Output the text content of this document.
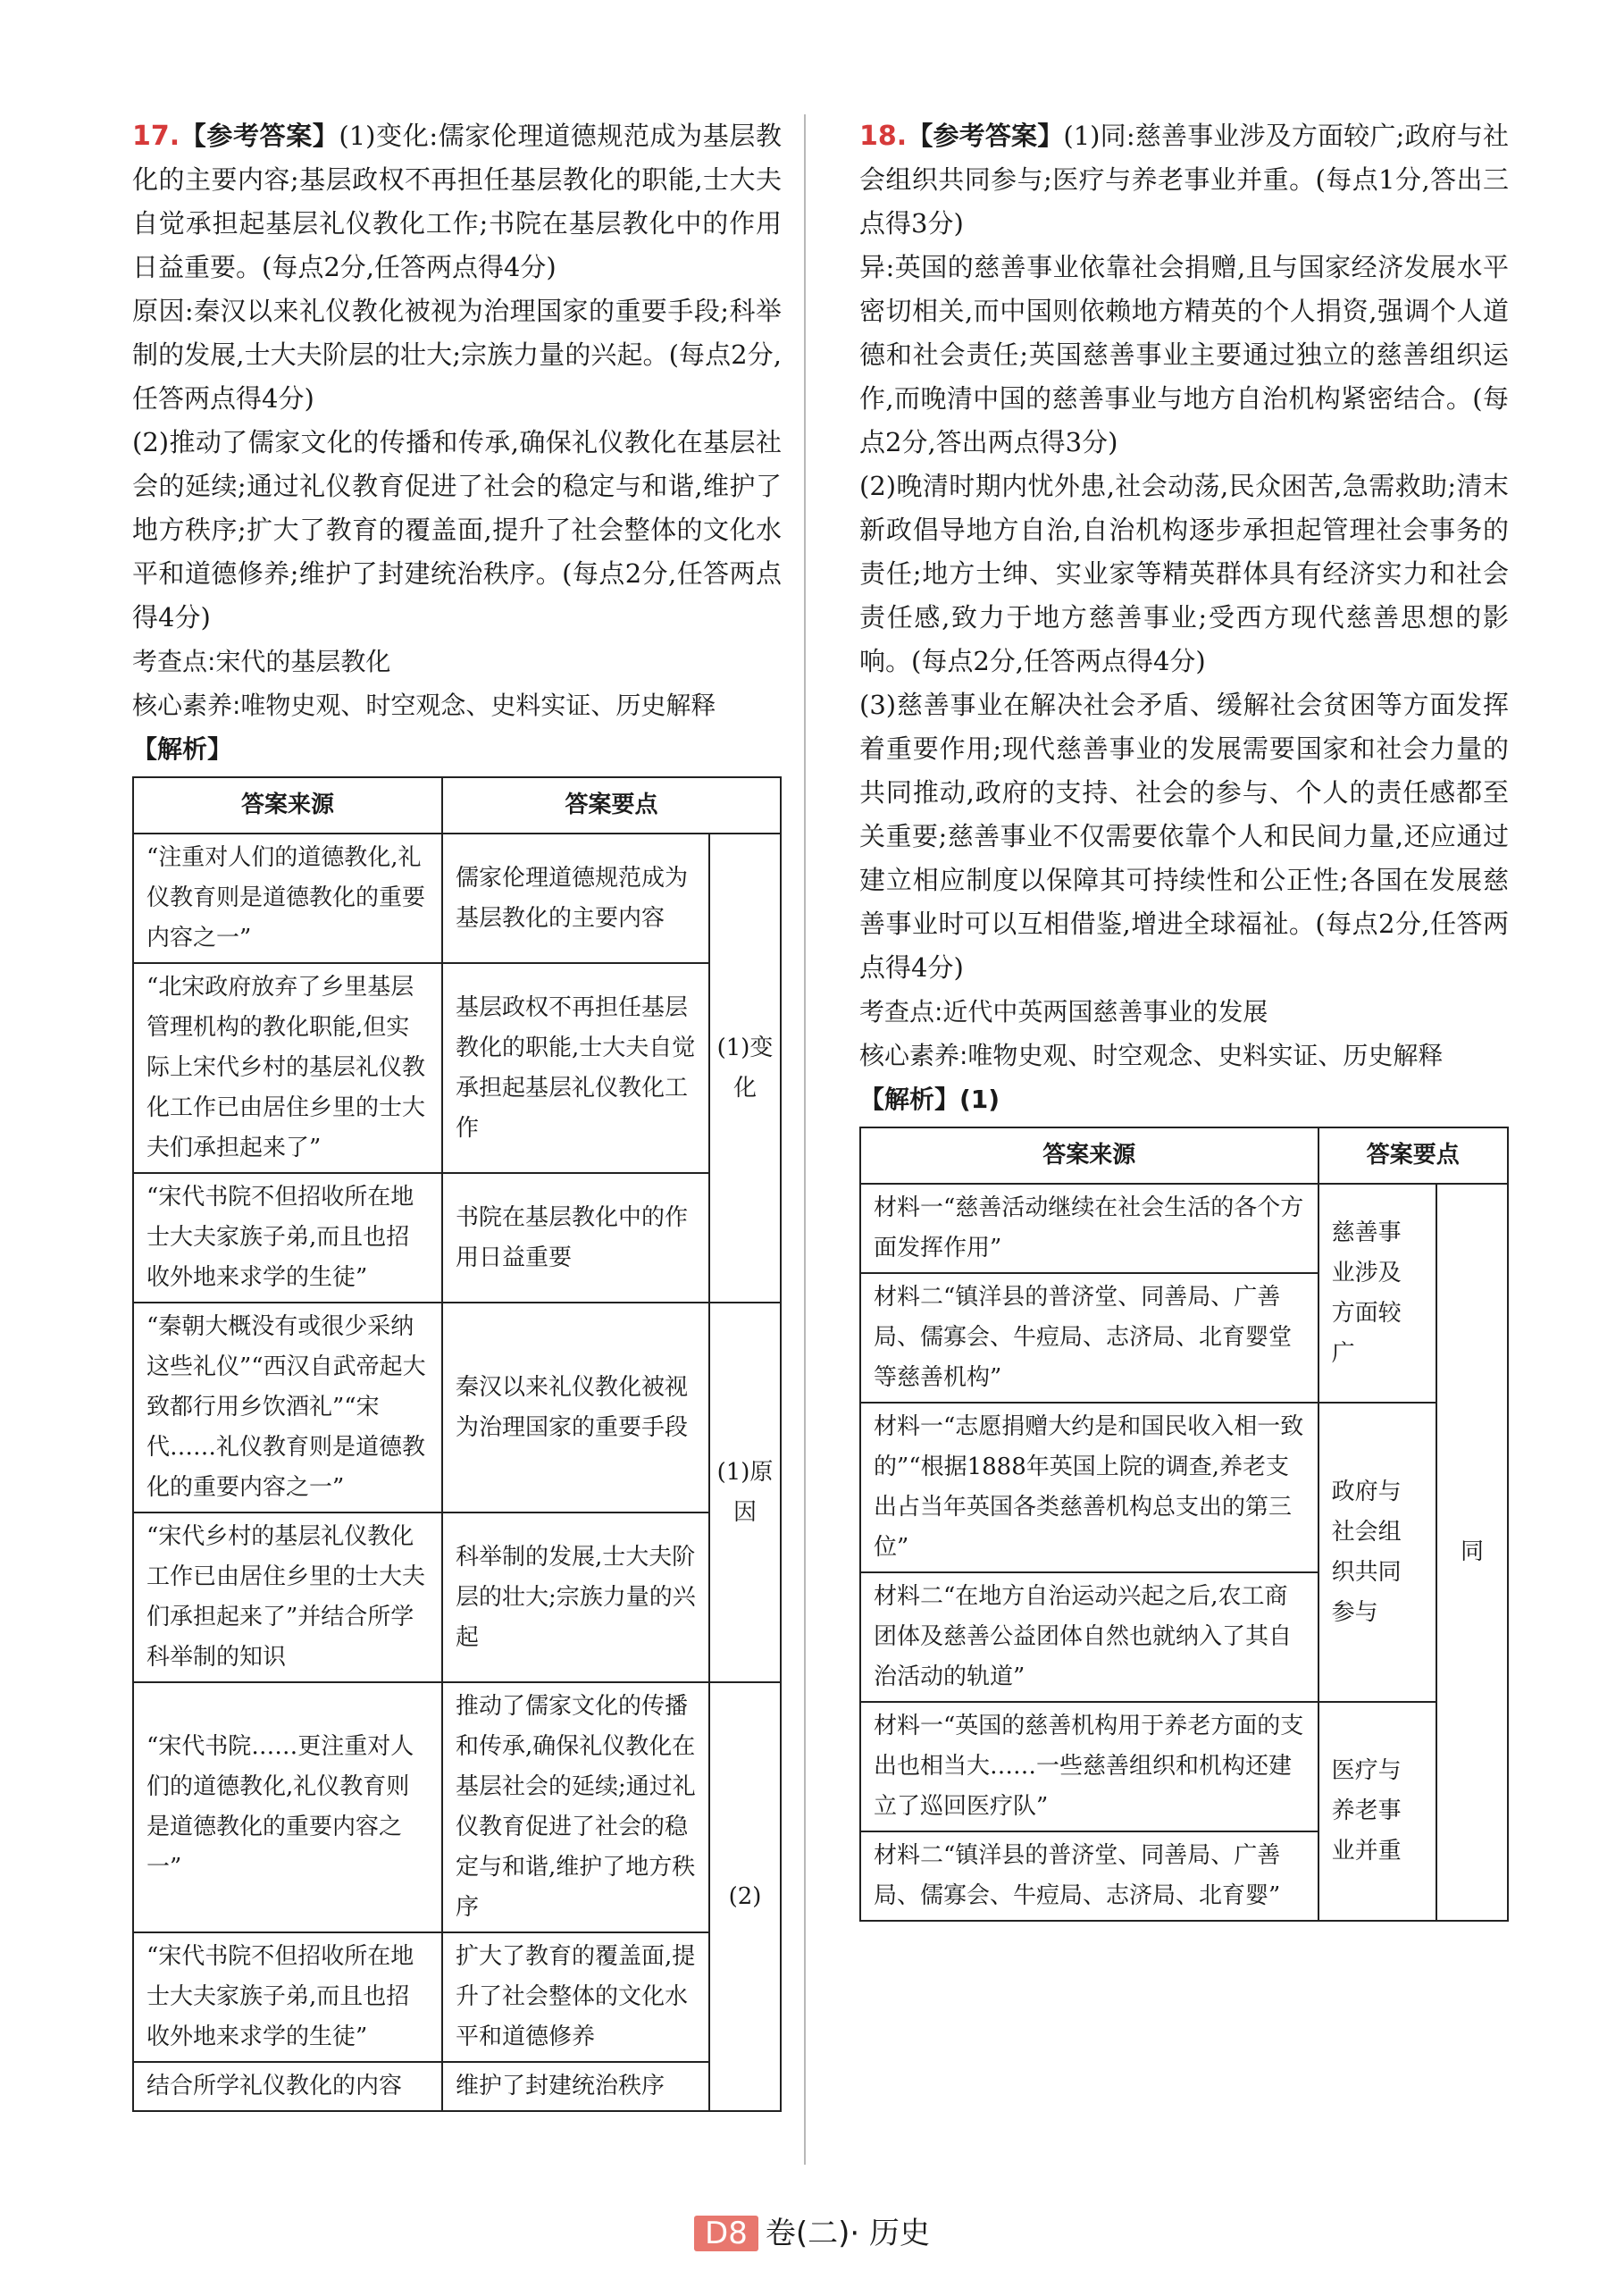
17.【参考答案】(1)变化:儒家伦理道德规范成为基层教化的主要内容;基层政权不再担任基层教化的职能,士大夫自觉承担起基层礼仪教化工作;书院在基层教化中的作用日益重要。(每点2分,任答两点得4分)

原因:秦汉以来礼仪教化被视为治理国家的重要手段;科举制的发展,士大夫阶层的壮大;宗族力量的兴起。(每点2分,任答两点得4分)

(2)推动了儒家文化的传播和传承,确保礼仪教化在基层社会的延续;通过礼仪教育促进了社会的稳定与和谐,维护了地方秩序;扩大了教育的覆盖面,提升了社会整体的文化水平和道德修养;维护了封建统治秩序。(每点2分,任答两点得4分)

考查点:宋代的基层教化

核心素养:唯物史观、时空观念、史料实证、历史解释

【解析】

答案来源	答案要点	
“注重对人们的道德教化,礼仪教育则是道德教化的重要内容之一”	儒家伦理道德规范成为基层教化的主要内容	(1)变化
“北宋政府放弃了乡里基层管理机构的教化职能,但实际上宋代乡村的基层礼仪教化工作已由居住乡里的士大夫们承担起来了”	基层政权不再担任基层教化的职能,士大夫自觉承担起基层礼仪教化工作	
“宋代书院不但招收所在地士大夫家族子弟,而且也招收外地来求学的生徒”	书院在基层教化中的作用日益重要	
“秦朝大概没有或很少采纳这些礼仪”“西汉自武帝起大致都行用乡饮酒礼”“宋代……礼仪教育则是道德教化的重要内容之一”	秦汉以来礼仪教化被视为治理国家的重要手段	(1)原因
“宋代乡村的基层礼仪教化工作已由居住乡里的士大夫们承担起来了”并结合所学科举制的知识	科举制的发展,士大夫阶层的壮大;宗族力量的兴起	
“宋代书院……更注重对人们的道德教化,礼仪教育则是道德教化的重要内容之一”	推动了儒家文化的传播和传承,确保礼仪教化在基层社会的延续;通过礼仪教育促进了社会的稳定与和谐,维护了地方秩序	(2)
“宋代书院不但招收所在地士大夫家族子弟,而且也招收外地来求学的生徒”	扩大了教育的覆盖面,提升了社会整体的文化水平和道德修养	
结合所学礼仪教化的内容	维护了封建统治秩序	

18.【参考答案】(1)同:慈善事业涉及方面较广;政府与社会组织共同参与;医疗与养老事业并重。(每点1分,答出三点得3分)

异:英国的慈善事业依靠社会捐赠,且与国家经济发展水平密切相关,而中国则依赖地方精英的个人捐资,强调个人道德和社会责任;英国慈善事业主要通过独立的慈善组织运作,而晚清中国的慈善事业与地方自治机构紧密结合。(每点2分,答出两点得3分)

(2)晚清时期内忧外患,社会动荡,民众困苦,急需救助;清末新政倡导地方自治,自治机构逐步承担起管理社会事务的责任;地方士绅、实业家等精英群体具有经济实力和社会责任感,致力于地方慈善事业;受西方现代慈善思想的影响。(每点2分,任答两点得4分)

(3)慈善事业在解决社会矛盾、缓解社会贫困等方面发挥着重要作用;现代慈善事业的发展需要国家和社会力量的共同推动,政府的支持、社会的参与、个人的责任感都至关重要;慈善事业不仅需要依靠个人和民间力量,还应通过建立相应制度以保障其可持续性和公正性;各国在发展慈善事业时可以互相借鉴,增进全球福祉。(每点2分,任答两点得4分)

考查点:近代中英两国慈善事业的发展

核心素养:唯物史观、时空观念、史料实证、历史解释

【解析】(1)

答案来源	答案要点	
材料一“慈善活动继续在社会生活的各个方面发挥作用”	慈善事业涉及方面较广	同
材料二“镇洋县的普济堂、同善局、广善局、儒寡会、牛痘局、志济局、北育婴堂等慈善机构”		
材料一“志愿捐赠大约是和国民收入相一致的”“根据1888年英国上院的调查,养老支出占当年英国各类慈善机构总支出的第三位”	政府与社会组织共同参与	
材料二“在地方自治运动兴起之后,农工商团体及慈善公益团体自然也就纳入了其自治活动的轨道”		
材料一“英国的慈善机构用于养老方面的支出也相当大……一些慈善组织和机构还建立了巡回医疗队”	医疗与养老事业并重	
材料二“镇洋县的普济堂、同善局、广善局、儒寡会、牛痘局、志济局、北育婴”		
D8 卷(二)· 历史
